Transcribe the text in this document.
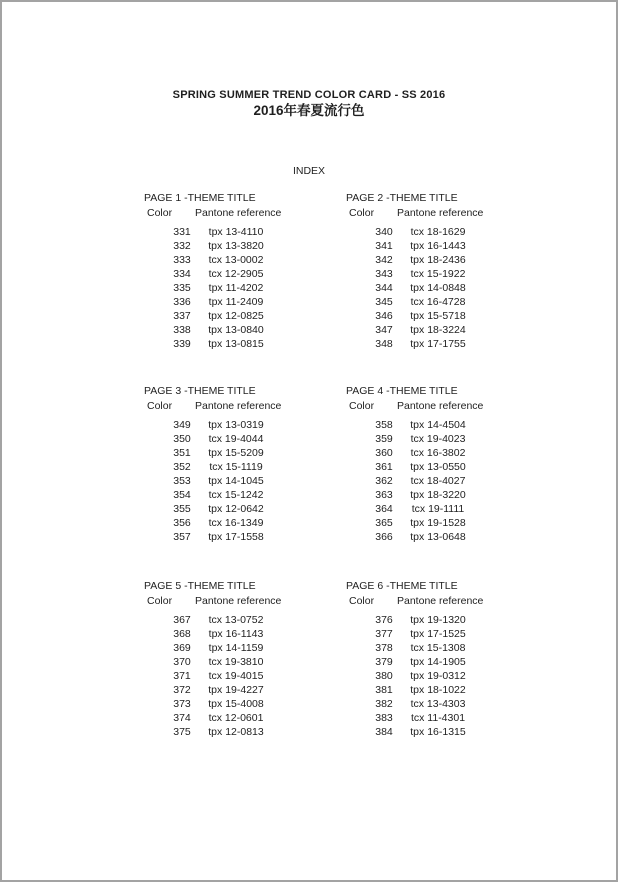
SPRING SUMMER TREND COLOR CARD - SS 2016
2016年春夏流行色
INDEX
PAGE 1 -THEME TITLE
Color Pantone reference
331	tpx 13-4110
332	tpx 13-3820
333	tcx 13-0002
334	tcx 12-2905
335	tpx 11-4202
336	tpx 11-2409
337	tpx 12-0825
338	tpx 13-0840
339	tpx 13-0815
PAGE 2 -THEME TITLE
Color Pantone reference
340	tcx 18-1629
341	tpx 16-1443
342	tpx 18-2436
343	tcx 15-1922
344	tpx 14-0848
345	tcx 16-4728
346	tpx 15-5718
347	tpx 18-3224
348	tpx 17-1755
PAGE 3 -THEME TITLE
Color Pantone reference
349	tpx 13-0319
350	tcx 19-4044
351	tpx 15-5209
352	tcx 15-1119
353	tpx 14-1045
354	tcx 15-1242
355	tpx 12-0642
356	tcx 16-1349
357	tpx 17-1558
PAGE 4 -THEME TITLE
Color Pantone reference
358	tpx 14-4504
359	tcx 19-4023
360	tcx 16-3802
361	tpx 13-0550
362	tcx 18-4027
363	tpx 18-3220
364	tcx 19-1111
365	tpx 19-1528
366	tpx 13-0648
PAGE 5 -THEME TITLE
Color Pantone reference
367	tcx 13-0752
368	tpx 16-1143
369	tpx 14-1159
370	tcx 19-3810
371	tcx 19-4015
372	tpx 19-4227
373	tpx 15-4008
374	tcx 12-0601
375	tpx 12-0813
PAGE 6 -THEME TITLE
Color Pantone reference
376	tpx 19-1320
377	tpx 17-1525
378	tcx 15-1308
379	tpx 14-1905
380	tpx 19-0312
381	tpx 18-1022
382	tcx 13-4303
383	tcx 11-4301
384	tpx 16-1315
